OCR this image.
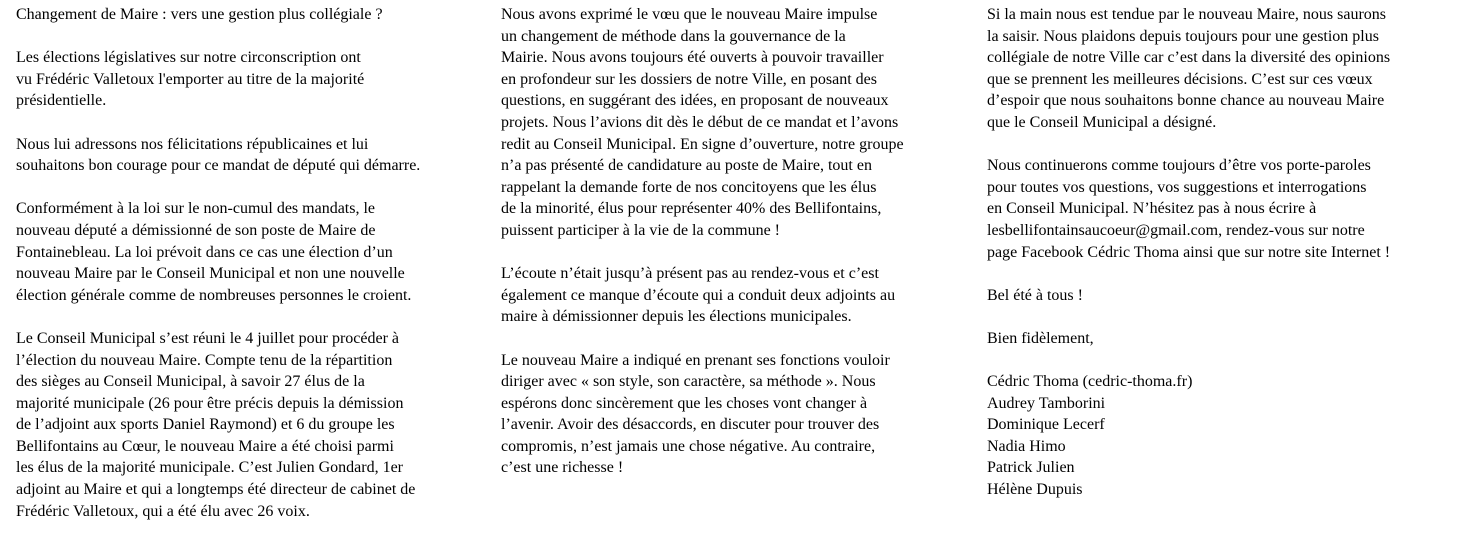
Changement de Maire : vers une gestion plus collégiale ?

Les élections législatives sur notre circonscription ont
vu Frédéric Valletoux l'emporter au titre de la majorité
présidentielle.

Nous lui adressons nos félicitations républicaines et lui
souhaitons bon courage pour ce mandat de député qui démarre.

Conformément à la loi sur le non-cumul des mandats, le
nouveau député a démissionné de son poste de Maire de
Fontainebleau. La loi prévoit dans ce cas une élection d’un
nouveau Maire par le Conseil Municipal et non une nouvelle
élection générale comme de nombreuses personnes le croient.

Le Conseil Municipal s’est réuni le 4 juillet pour procéder à
l’élection du nouveau Maire. Compte tenu de la répartition
des sièges au Conseil Municipal, à savoir 27 élus de la
majorité municipale (26 pour être précis depuis la démission
de l’adjoint aux sports Daniel Raymond) et 6 du groupe les
Bellifontains au Cœur, le nouveau Maire a été choisi parmi
les élus de la majorité municipale. C’est Julien Gondard, 1er
adjoint au Maire et qui a longtemps été directeur de cabinet de
Frédéric Valletoux, qui a été élu avec 26 voix.

Nous avons exprimé le vœu que le nouveau Maire impulse
un changement de méthode dans la gouvernance de la
Mairie. Nous avons toujours été ouverts à pouvoir travailler
en profondeur sur les dossiers de notre Ville, en posant des
questions, en suggérant des idées, en proposant de nouveaux
projets. Nous l’avions dit dès le début de ce mandat et l’avons
redit au Conseil Municipal. En signe d’ouverture, notre groupe
n’a pas présenté de candidature au poste de Maire, tout en
rappelant la demande forte de nos concitoyens que les élus
de la minorité, élus pour représenter 40% des Bellifontains,
puissent participer à la vie de la commune !

L’écoute n’était jusqu’à présent pas au rendez-vous et c’est
également ce manque d’écoute qui a conduit deux adjoints au
maire à démissionner depuis les élections municipales.

Le nouveau Maire a indiqué en prenant ses fonctions vouloir
diriger avec « son style, son caractère, sa méthode ». Nous
espérons donc sincèrement que les choses vont changer à
l’avenir. Avoir des désaccords, en discuter pour trouver des
compromis, n’est jamais une chose négative. Au contraire,
c’est une richesse !

Si la main nous est tendue par le nouveau Maire, nous saurons
la saisir. Nous plaidons depuis toujours pour une gestion plus
collégiale de notre Ville car c’est dans la diversité des opinions
que se prennent les meilleures décisions. C’est sur ces vœux
d’espoir que nous souhaitons bonne chance au nouveau Maire
que le Conseil Municipal a désigné.

Nous continuerons comme toujours d’être vos porte-paroles
pour toutes vos questions, vos suggestions et interrogations
en Conseil Municipal. N’hésitez pas à nous écrire à
lesbellifontainsaucoeur@gmail.com, rendez-vous sur notre
page Facebook Cédric Thoma ainsi que sur notre site Internet !

Bel été à tous !

Bien fidèlement,

Cédric Thoma (cedric-thoma.fr)
Audrey Tamborini
Dominique Lecerf
Nadia Himo
Patrick Julien
Hélène Dupuis
